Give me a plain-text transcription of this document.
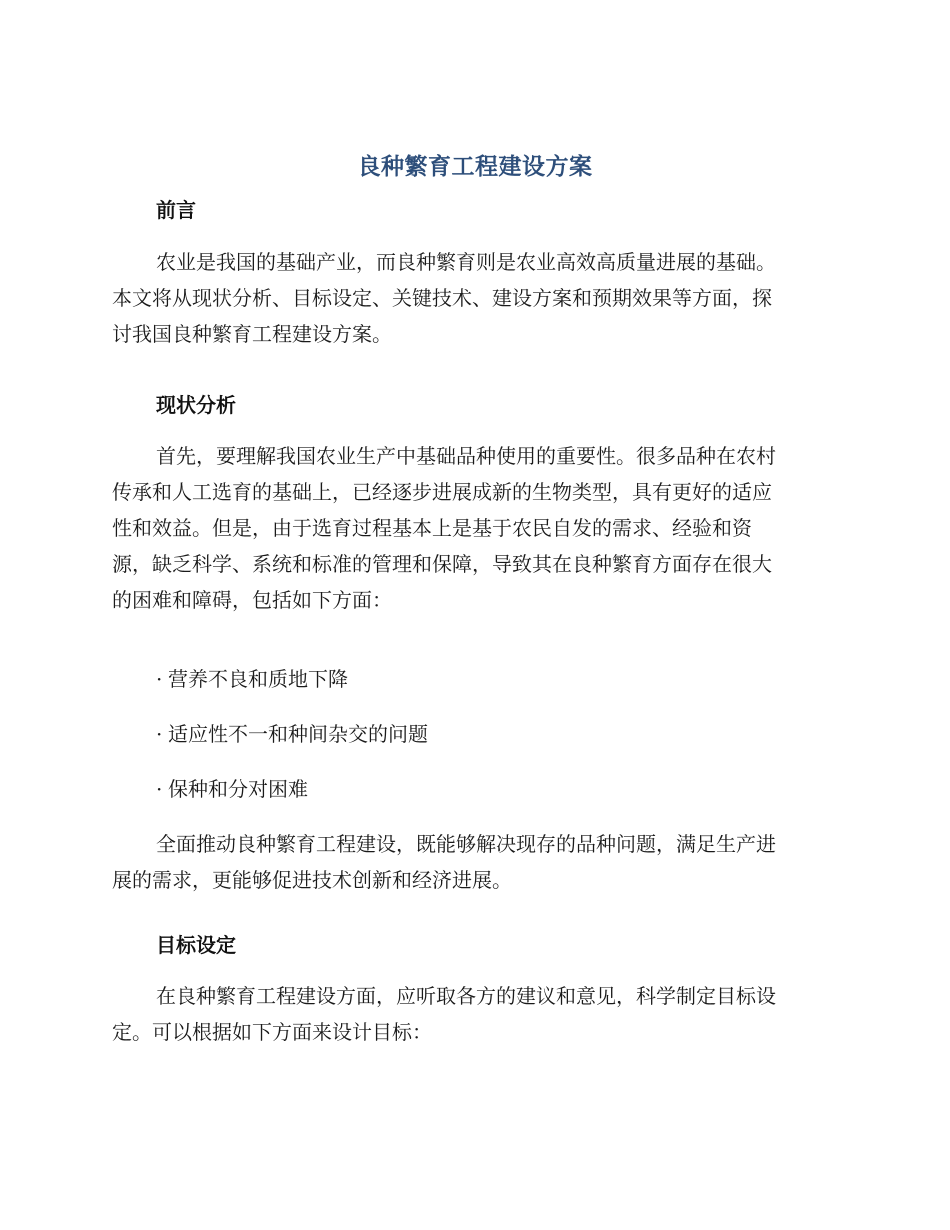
良种繁育工程建设方案
前言
农业是我国的基础产业，而良种繁育则是农业高效高质量进展的基础。
本文将从现状分析、目标设定、关键技术、建设方案和预期效果等方面，探
讨我国良种繁育工程建设方案。
现状分析
首先，要理解我国农业生产中基础品种使用的重要性。很多品种在农村
传承和人工选育的基础上，已经逐步进展成新的生物类型，具有更好的适应
性和效益。但是，由于选育过程基本上是基于农民自发的需求、经验和资
源，缺乏科学、系统和标准的管理和保障，导致其在良种繁育方面存在很大
的困难和障碍，包括如下方面：
· 营养不良和质地下降
· 适应性不一和种间杂交的问题
· 保种和分对困难
全面推动良种繁育工程建设，既能够解决现存的品种问题，满足生产进
展的需求，更能够促进技术创新和经济进展。
目标设定
在良种繁育工程建设方面，应听取各方的建议和意见，科学制定目标设
定。可以根据如下方面来设计目标：
